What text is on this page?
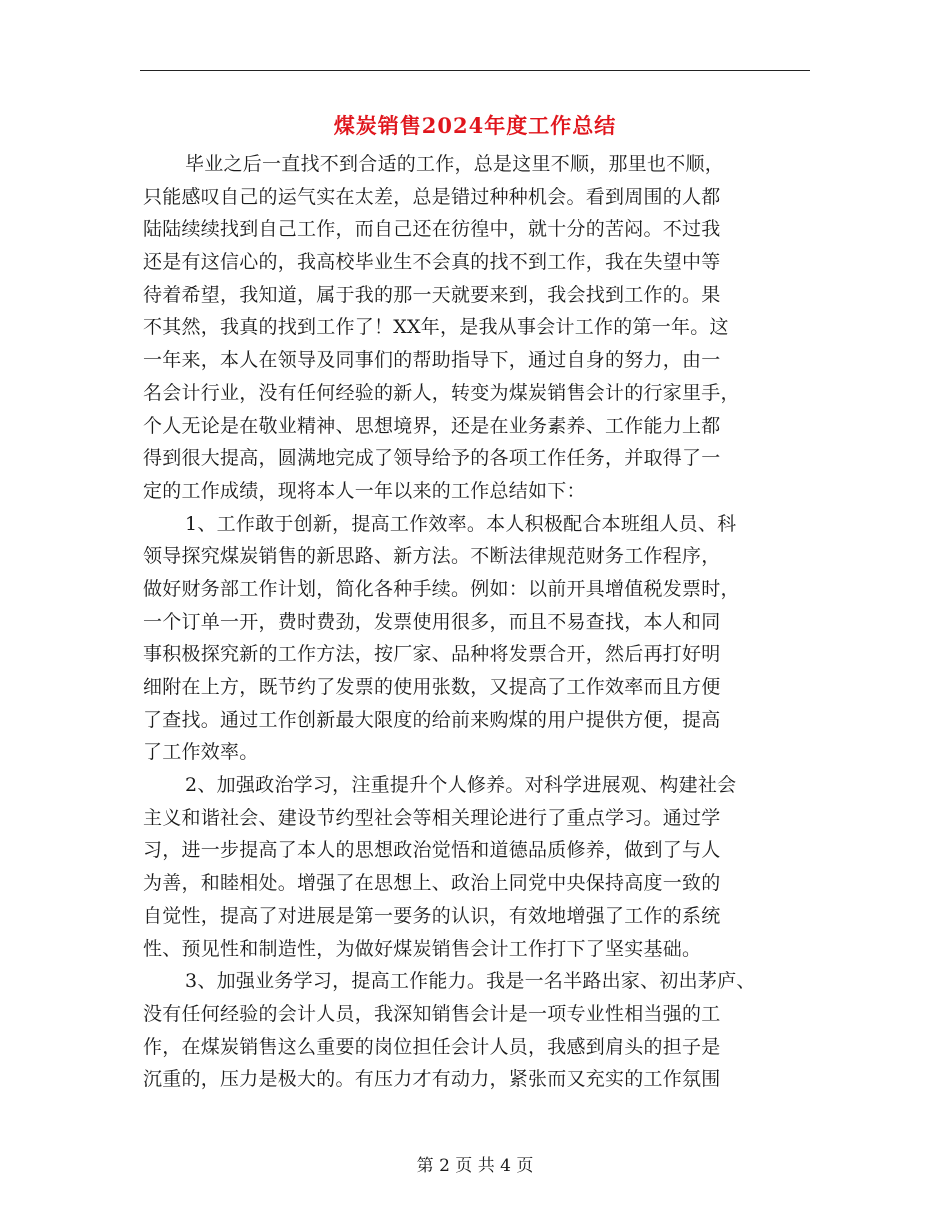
煤炭销售2024年度工作总结
毕业之后一直找不到合适的工作，总是这里不顺，那里也不顺，
只能感叹自己的运气实在太差，总是错过种种机会。看到周围的人都
陆陆续续找到自己工作，而自己还在彷徨中，就十分的苦闷。不过我
还是有这信心的，我高校毕业生不会真的找不到工作，我在失望中等
待着希望，我知道，属于我的那一天就要来到，我会找到工作的。果
不其然，我真的找到工作了！XX年，是我从事会计工作的第一年。这
一年来，本人在领导及同事们的帮助指导下，通过自身的努力，由一
名会计行业，没有任何经验的新人，转变为煤炭销售会计的行家里手，
个人无论是在敬业精神、思想境界，还是在业务素养、工作能力上都
得到很大提高，圆满地完成了领导给予的各项工作任务，并取得了一
定的工作成绩，现将本人一年以来的工作总结如下：
1、工作敢于创新，提高工作效率。本人积极配合本班组人员、科
领导探究煤炭销售的新思路、新方法。不断法律规范财务工作程序，
做好财务部工作计划，简化各种手续。例如：以前开具增值税发票时，
一个订单一开，费时费劲，发票使用很多，而且不易查找，本人和同
事积极探究新的工作方法，按厂家、品种将发票合开，然后再打好明
细附在上方，既节约了发票的使用张数，又提高了工作效率而且方便
了查找。通过工作创新最大限度的给前来购煤的用户提供方便，提高
了工作效率。
2、加强政治学习，注重提升个人修养。对科学进展观、构建社会
主义和谐社会、建设节约型社会等相关理论进行了重点学习。通过学
习，进一步提高了本人的思想政治觉悟和道德品质修养，做到了与人
为善，和睦相处。增强了在思想上、政治上同党中央保持高度一致的
自觉性，提高了对进展是第一要务的认识，有效地增强了工作的系统
性、预见性和制造性，为做好煤炭销售会计工作打下了坚实基础。
3、加强业务学习，提高工作能力。我是一名半路出家、初出茅庐、
没有任何经验的会计人员，我深知销售会计是一项专业性相当强的工
作，在煤炭销售这么重要的岗位担任会计人员，我感到肩头的担子是
沉重的，压力是极大的。有压力才有动力，紧张而又充实的工作氛围
第 2 页 共 4 页
